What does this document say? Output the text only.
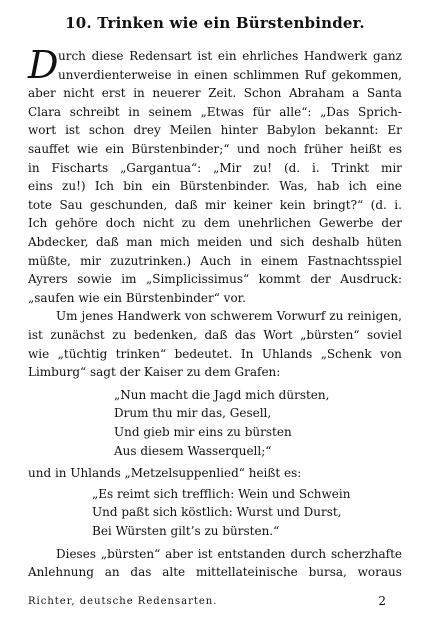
10. Trinken wie ein Bürstenbinder.
D urch diese Redensart ist ein ehrliches Handwerk ganz
unverdienterweise in einen schlimmen Ruf gekommen,
aber nicht erst in neuerer Zeit. Schon Abraham a Santa
Clara schreibt in seinem „Etwas für alle“: „Das Sprich-
wort ist schon drey Meilen hinter Babylon bekannt: Er
sauffet wie ein Bürstenbinder;“ und noch früher heißt es
in Fischarts „Gargantua“: „Mir zu! (d. i. Trinkt mir
eins zu!) Ich bin ein Bürstenbinder. Was, hab ich eine
tote Sau geschunden, daß mir keiner kein bringt?“ (d. i.
Ich gehöre doch nicht zu dem unehrlichen Gewerbe der
Abdecker, daß man mich meiden und sich deshalb hüten
müßte, mir zuzutrinken.) Auch in einem Fastnachtsspiel
Ayrers sowie im „Simplicissimus“ kommt der Ausdruck:
„saufen wie ein Bürstenbinder“ vor.
Um jenes Handwerk von schwerem Vorwurf zu reinigen,
ist zunächst zu bedenken, daß das Wort „bürsten“ soviel
wie „tüchtig trinken“ bedeutet. In Uhlands „Schenk von
Limburg“ sagt der Kaiser zu dem Grafen:
„Nun macht die Jagd mich dürsten,
Drum thu mir das, Gesell,
Und gieb mir eins zu bürsten
Aus diesem Wasserquell;“
und in Uhlands „Metzelsuppenlied“ heißt es:
„Es reimt sich trefflich: Wein und Schwein
Und paßt sich köstlich: Wurst und Durst,
Bei Würsten gilt’s zu bürsten.“
Dieses „bürsten“ aber ist entstanden durch scherzhafte
Anlehnung an das alte mittellateinische bursa, woraus
Richter, deutsche Redensarten.	2
